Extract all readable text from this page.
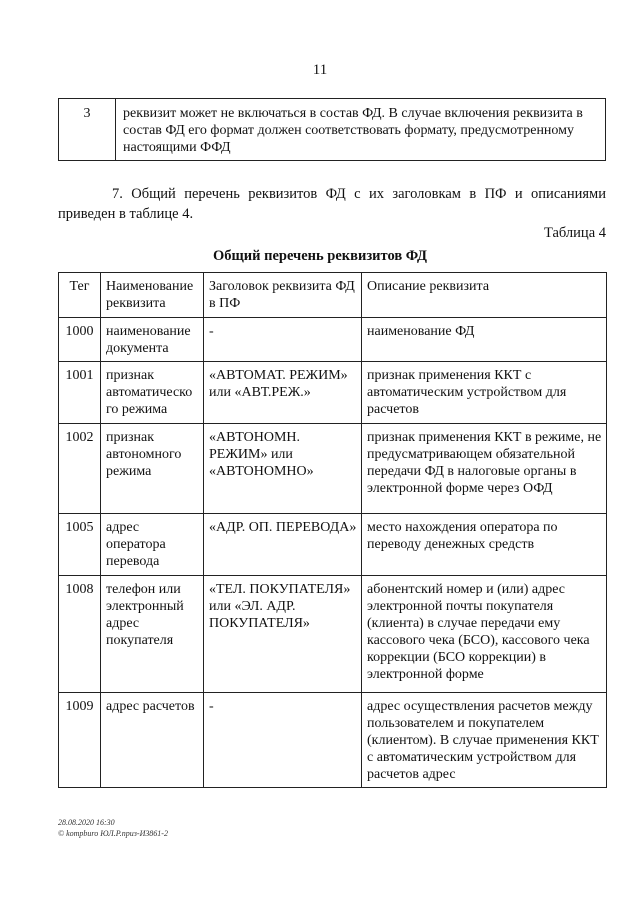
11
3	реквизит может не включаться в состав ФД. В случае включения реквизита в состав ФД его формат должен соответствовать формату, предусмотренному настоящими ФФД
7. Общий перечень реквизитов ФД с их заголовкам в ПФ и описаниями приведен в таблице 4.
Таблица 4
Общий перечень реквизитов ФД
Тег	Наименование реквизита	Заголовок реквизита ФД в ПФ	Описание реквизита
1000	наименование документа	-	наименование ФД
1001	признак автоматическо го режима	«АВТОМАТ. РЕЖИМ» или «АВТ.РЕЖ.»	признак применения ККТ с автоматическим устройством для расчетов
1002	признак автономного режима	«АВТОНОМН. РЕЖИМ» или «АВТОНОМНО»	признак применения ККТ в режиме, не предусматривающем обязательной передачи ФД в налоговые органы в электронной форме через ОФД
1005	адрес оператора перевода	«АДР. ОП. ПЕРЕВОДА»	место нахождения оператора по переводу денежных средств
1008	телефон или электронный адрес покупателя	«ТЕЛ. ПОКУПАТЕЛЯ» или «ЭЛ. АДР. ПОКУПАТЕЛЯ»	абонентский номер и (или) адрес электронной почты покупателя (клиента) в случае передачи ему кассового чека (БСО), кассового чека коррекции (БСО коррекции) в электронной форме
1009	адрес расчетов	-	адрес осуществления расчетов между пользователем и покупателем (клиентом). В случае применения ККТ с автоматическим устройством для расчетов адрес
28.08.2020 16:30
© kompburo ЮЛ.Р.приз-ИЗ861-2
